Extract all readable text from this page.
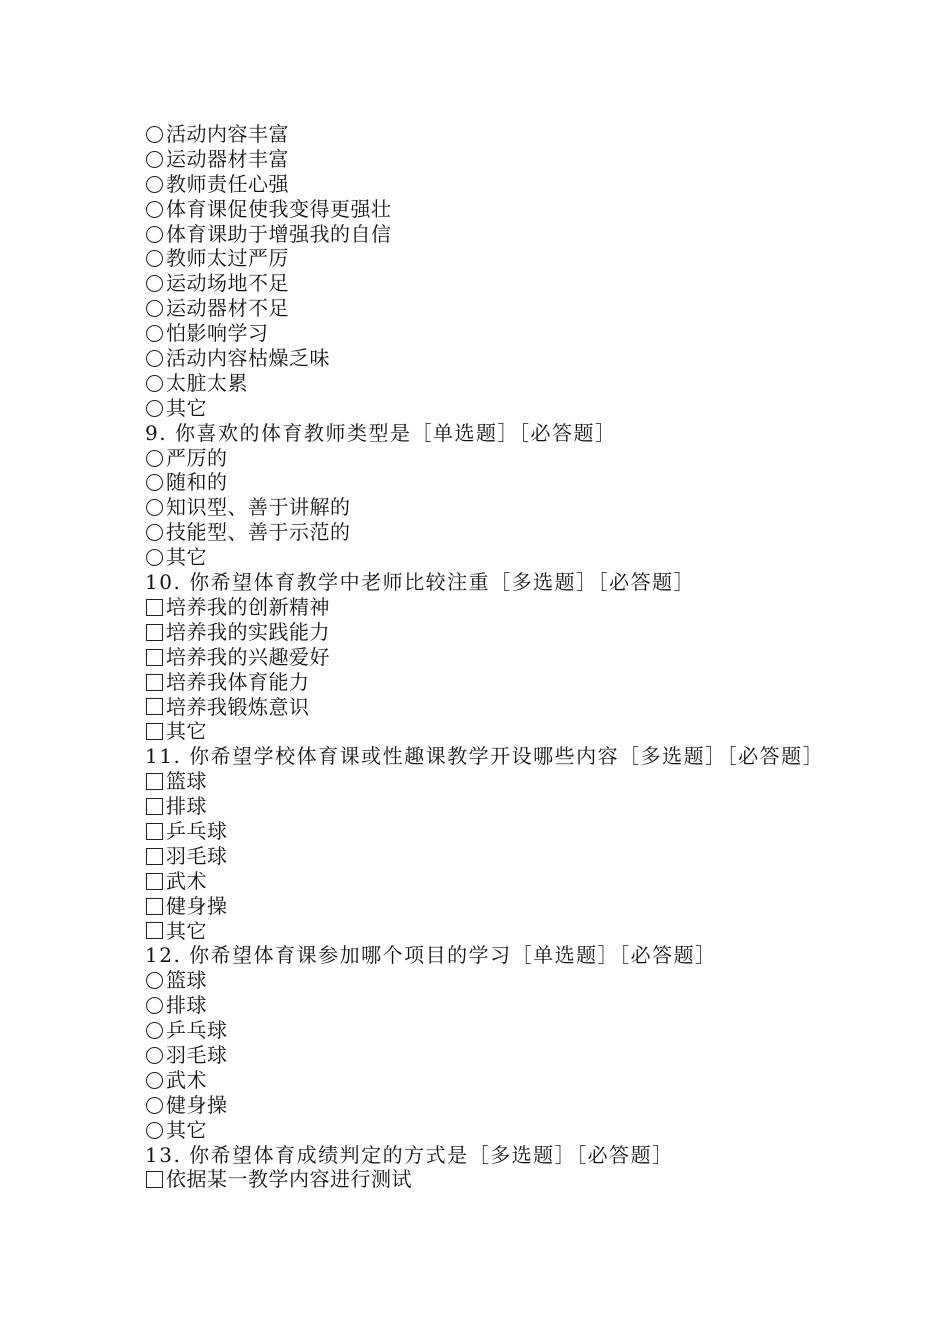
活动内容丰富
运动器材丰富
教师责任心强
体育课促使我变得更强壮
体育课助于增强我的自信
教师太过严厉
运动场地不足
运动器材不足
怕影响学习
活动内容枯燥乏味
太脏太累
其它
9. 你喜欢的体育教师类型是［单选题］［必答题］
严厉的
随和的
知识型、善于讲解的
技能型、善于示范的
其它
10. 你希望体育教学中老师比较注重［多选题］［必答题］
培养我的创新精神
培养我的实践能力
培养我的兴趣爱好
培养我体育能力
培养我锻炼意识
其它
11. 你希望学校体育课或性趣课教学开设哪些内容［多选题］［必答题］
篮球
排球
乒乓球
羽毛球
武术
健身操
其它
12. 你希望体育课参加哪个项目的学习［单选题］［必答题］
篮球
排球
乒乓球
羽毛球
武术
健身操
其它
13. 你希望体育成绩判定的方式是［多选题］［必答题］
依据某一教学内容进行测试
